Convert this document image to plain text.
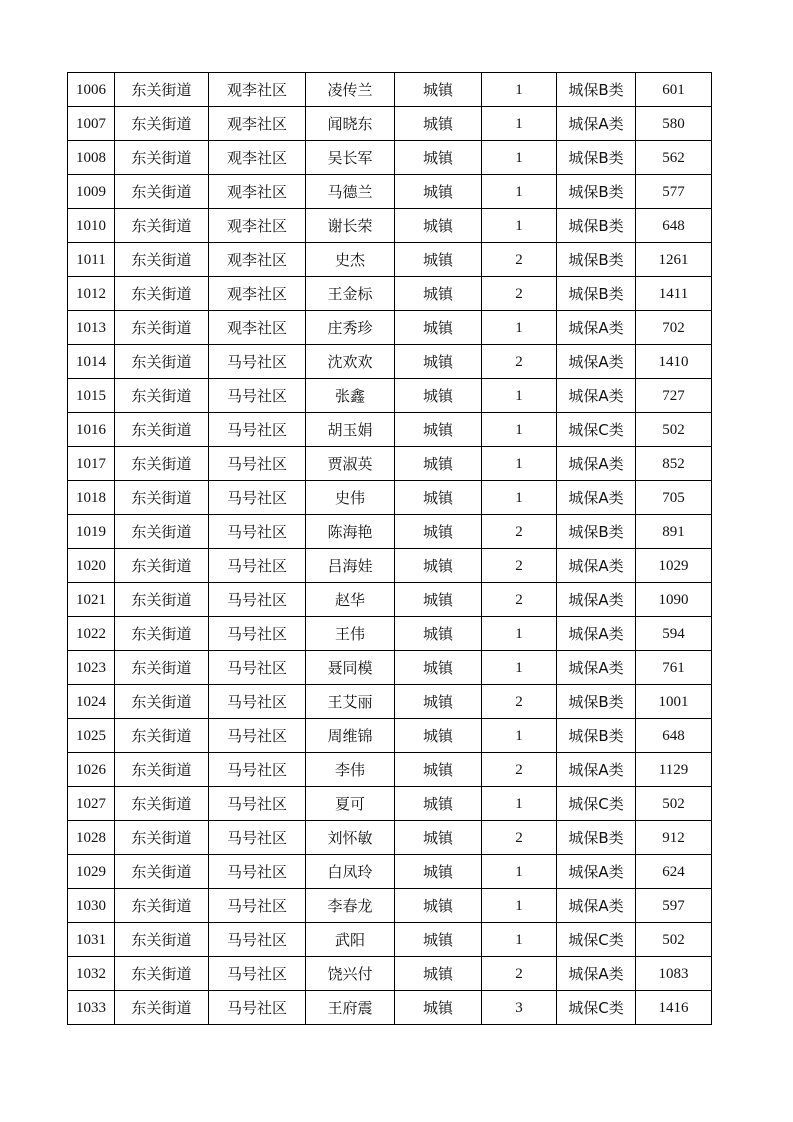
1006	东关街道	观李社区	凌传兰	城镇	1	城保B类	601
1007	东关街道	观李社区	闻晓东	城镇	1	城保A类	580
1008	东关街道	观李社区	吴长军	城镇	1	城保B类	562
1009	东关街道	观李社区	马德兰	城镇	1	城保B类	577
1010	东关街道	观李社区	谢长荣	城镇	1	城保B类	648
1011	东关街道	观李社区	史杰	城镇	2	城保B类	1261
1012	东关街道	观李社区	王金标	城镇	2	城保B类	1411
1013	东关街道	观李社区	庄秀珍	城镇	1	城保A类	702
1014	东关街道	马号社区	沈欢欢	城镇	2	城保A类	1410
1015	东关街道	马号社区	张鑫	城镇	1	城保A类	727
1016	东关街道	马号社区	胡玉娟	城镇	1	城保C类	502
1017	东关街道	马号社区	贾淑英	城镇	1	城保A类	852
1018	东关街道	马号社区	史伟	城镇	1	城保A类	705
1019	东关街道	马号社区	陈海艳	城镇	2	城保B类	891
1020	东关街道	马号社区	吕海娃	城镇	2	城保A类	1029
1021	东关街道	马号社区	赵华	城镇	2	城保A类	1090
1022	东关街道	马号社区	王伟	城镇	1	城保A类	594
1023	东关街道	马号社区	聂同模	城镇	1	城保A类	761
1024	东关街道	马号社区	王艾丽	城镇	2	城保B类	1001
1025	东关街道	马号社区	周维锦	城镇	1	城保B类	648
1026	东关街道	马号社区	李伟	城镇	2	城保A类	1129
1027	东关街道	马号社区	夏可	城镇	1	城保C类	502
1028	东关街道	马号社区	刘怀敏	城镇	2	城保B类	912
1029	东关街道	马号社区	白凤玲	城镇	1	城保A类	624
1030	东关街道	马号社区	李春龙	城镇	1	城保A类	597
1031	东关街道	马号社区	武阳	城镇	1	城保C类	502
1032	东关街道	马号社区	饶兴付	城镇	2	城保A类	1083
1033	东关街道	马号社区	王府震	城镇	3	城保C类	1416
